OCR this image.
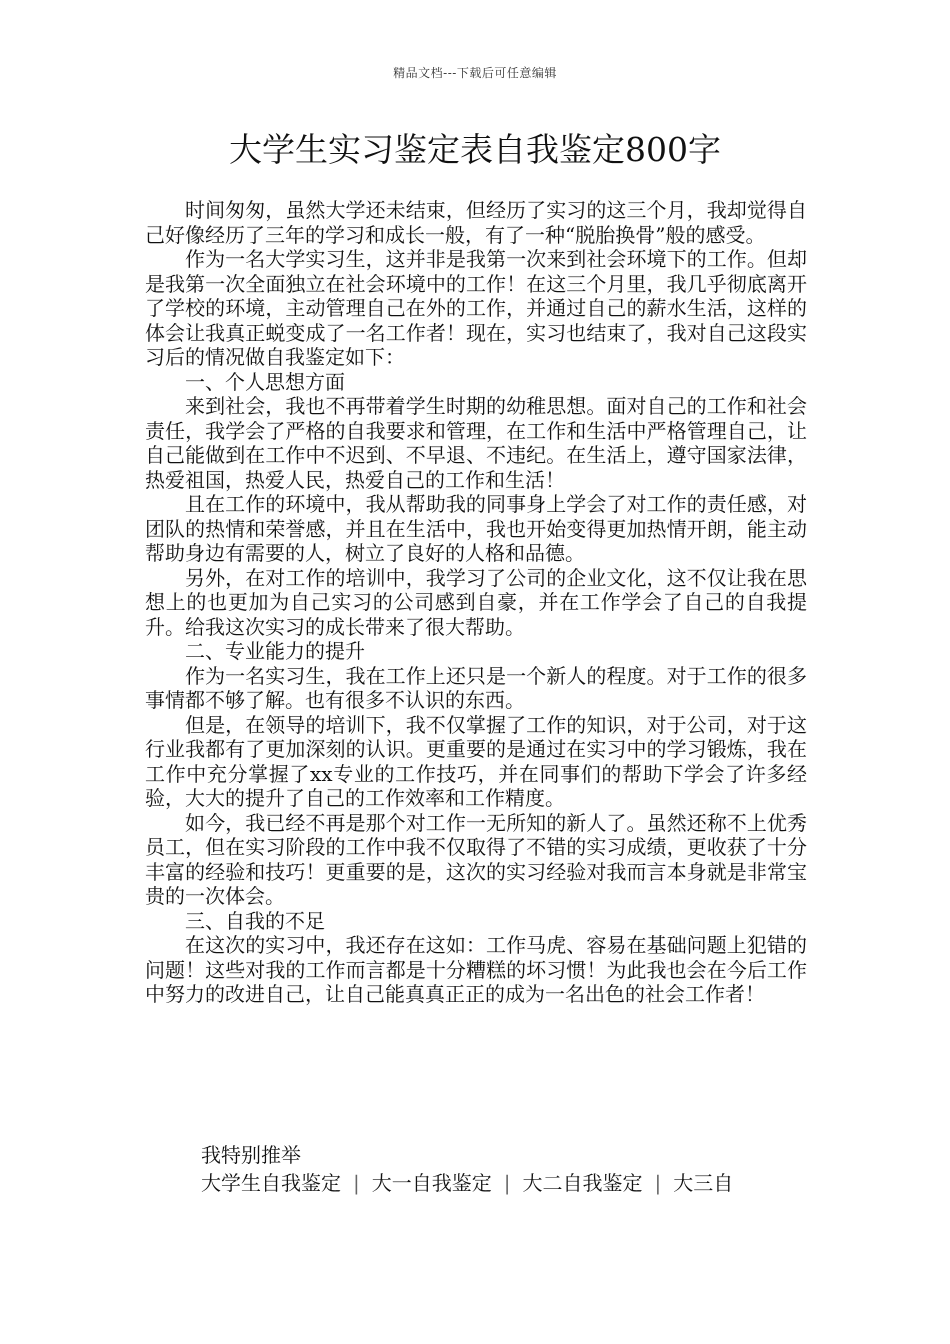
精品文档---下载后可任意编辑
大学生实习鉴定表自我鉴定800字

时间匆匆，虽然大学还未结束，但经历了实习的这三个月，我却觉得自己好像经历了三年的学习和成长一般，有了一种“脱胎换骨”般的感受。

作为一名大学实习生，这并非是我第一次来到社会环境下的工作。但却是我第一次全面独立在社会环境中的工作！在这三个月里，我几乎彻底离开了学校的环境，主动管理自己在外的工作，并通过自己的薪水生活，这样的体会让我真正蜕变成了一名工作者！现在，实习也结束了，我对自己这段实习后的情况做自我鉴定如下：

一、个人思想方面

来到社会，我也不再带着学生时期的幼稚思想。面对自己的工作和社会责任，我学会了严格的自我要求和管理，在工作和生活中严格管理自己，让自己能做到在工作中不迟到、不早退、不违纪。在生活上，遵守国家法律，热爱祖国，热爱人民，热爱自己的工作和生活！

且在工作的环境中，我从帮助我的同事身上学会了对工作的责任感，对团队的热情和荣誉感，并且在生活中，我也开始变得更加热情开朗，能主动帮助身边有需要的人，树立了良好的人格和品德。

另外，在对工作的培训中，我学习了公司的企业文化，这不仅让我在思想上的也更加为自己实习的公司感到自豪，并在工作学会了自己的自我提升。给我这次实习的成长带来了很大帮助。

二、专业能力的提升

作为一名实习生，我在工作上还只是一个新人的程度。对于工作的很多事情都不够了解。也有很多不认识的东西。

但是，在领导的培训下，我不仅掌握了工作的知识，对于公司，对于这行业我都有了更加深刻的认识。更重要的是通过在实习中的学习锻炼，我在工作中充分掌握了xx专业的工作技巧，并在同事们的帮助下学会了许多经验，大大的提升了自己的工作效率和工作精度。

如今，我已经不再是那个对工作一无所知的新人了。虽然还称不上优秀员工，但在实习阶段的工作中我不仅取得了不错的实习成绩，更收获了十分丰富的经验和技巧！更重要的是，这次的实习经验对我而言本身就是非常宝贵的一次体会。

三、自我的不足

在这次的实习中，我还存在这如：工作马虎、容易在基础问题上犯错的问题！这些对我的工作而言都是十分糟糕的坏习惯！为此我也会在今后工作中努力的改进自己，让自己能真真正正的成为一名出色的社会工作者！

我特别推举
大学生自我鉴定 | 大一自我鉴定 | 大二自我鉴定 | 大三自
